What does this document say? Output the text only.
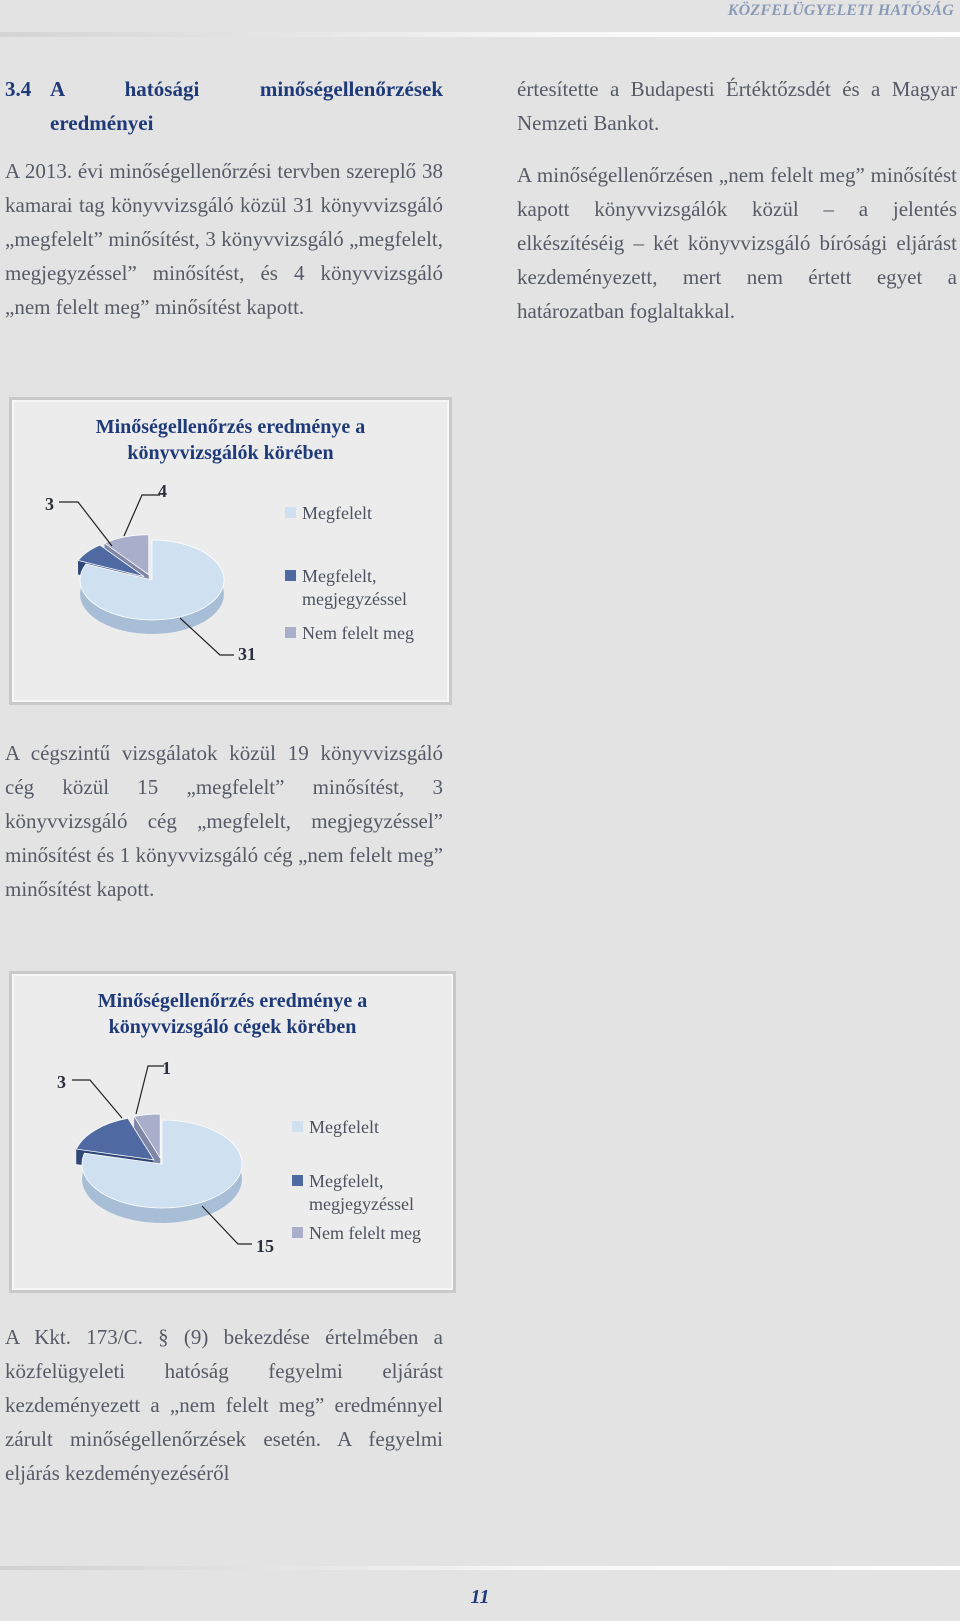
KÖZFELÜGYELETI HATÓSÁG
3.4 A hatósági minőségellenőrzések
eredményei

A 2013. évi minőségellenőrzési tervben szereplő 38 kamarai tag könyvvizsgáló közül 31 könyvvizsgáló „megfelelt” minősítést, 3 könyvvizsgáló „megfelelt, megjegyzéssel” minősítést, és 4 könyvvizsgáló „nem felelt meg” minősítést kapott.

értesítette a Budapesti Értéktőzsdét és a Magyar Nemzeti Bankot.

A minőségellenőrzésen „nem felelt meg” minősítést kapott könyvvizsgálók közül – a jelentés elkészítéséig – két könyvvizsgáló bírósági eljárást kezdeményezett, mert nem értett egyet a határozatban foglaltakkal.

Minőségellenőrzés eredménye a
könyvvizsgálók körében
3
4
31
Megfelelt
Megfelelt,
megjegyzéssel
Nem felelt meg

A cégszintű vizsgálatok közül 19 könyvvizsgáló cég közül 15 „megfelelt” minősítést, 3 könyvvizsgáló cég „megfelelt, megjegyzéssel” minősítést és 1 könyvvizsgáló cég „nem felelt meg” minősítést kapott.

Minőségellenőrzés eredménye a
könyvvizsgáló cégek körében
3
1
15
Megfelelt
Megfelelt,
megjegyzéssel
Nem felelt meg

A Kkt. 173/C. § (9) bekezdése értelmében a közfelügyeleti hatóság fegyelmi eljárást kezdeményezett a „nem felelt meg” eredménnyel zárult minőségellenőrzések esetén. A fegyelmi eljárás kezdeményezéséről

11
